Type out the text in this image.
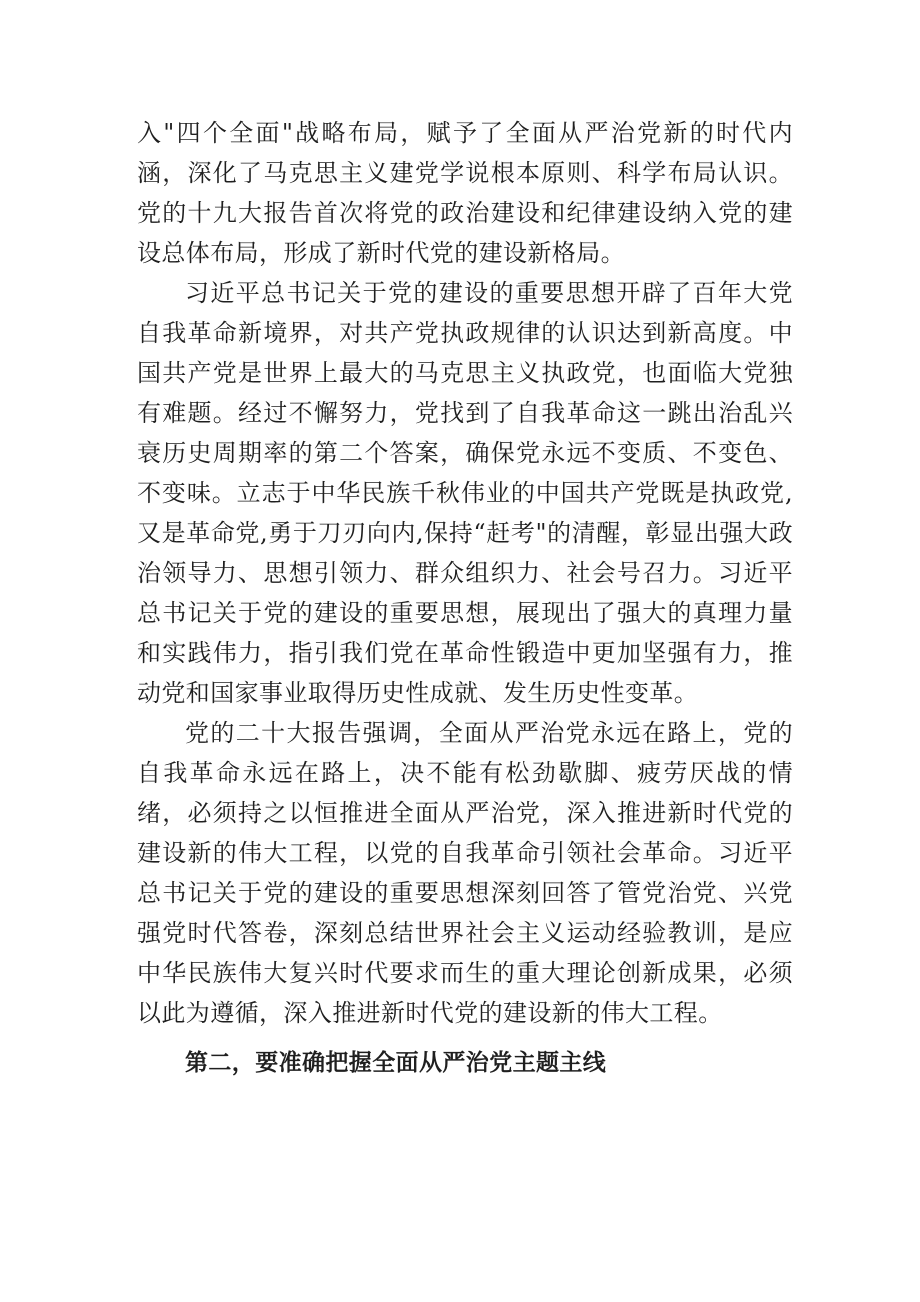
入"四个全面"战略布局，赋予了全面从严治党新的时代内涵，深化了马克思主义建党学说根本原则、科学布局认识。党的十九大报告首次将党的政治建设和纪律建设纳入党的建设总体布局，形成了新时代党的建设新格局。

习近平总书记关于党的建设的重要思想开辟了百年大党自我革命新境界，对共产党执政规律的认识达到新高度。中国共产党是世界上最大的马克思主义执政党，也面临大党独有难题。经过不懈努力，党找到了自我革命这一跳出治乱兴衰历史周期率的第二个答案，确保党永远不变质、不变色、不变味。立志于中华民族千秋伟业的中国共产党既是执政党,又是革命党,勇于刀刃向内,保持“赶考"的清醒，彰显出强大政治领导力、思想引领力、群众组织力、社会号召力。习近平总书记关于党的建设的重要思想，展现出了强大的真理力量和实践伟力，指引我们党在革命性锻造中更加坚强有力，推动党和国家事业取得历史性成就、发生历史性变革。

党的二十大报告强调，全面从严治党永远在路上，党的自我革命永远在路上，决不能有松劲歇脚、疲劳厌战的情绪，必须持之以恒推进全面从严治党，深入推进新时代党的建设新的伟大工程，以党的自我革命引领社会革命。习近平总书记关于党的建设的重要思想深刻回答了管党治党、兴党强党时代答卷，深刻总结世界社会主义运动经验教训，是应中华民族伟大复兴时代要求而生的重大理论创新成果，必须以此为遵循，深入推进新时代党的建设新的伟大工程。

第二，要准确把握全面从严治党主题主线
